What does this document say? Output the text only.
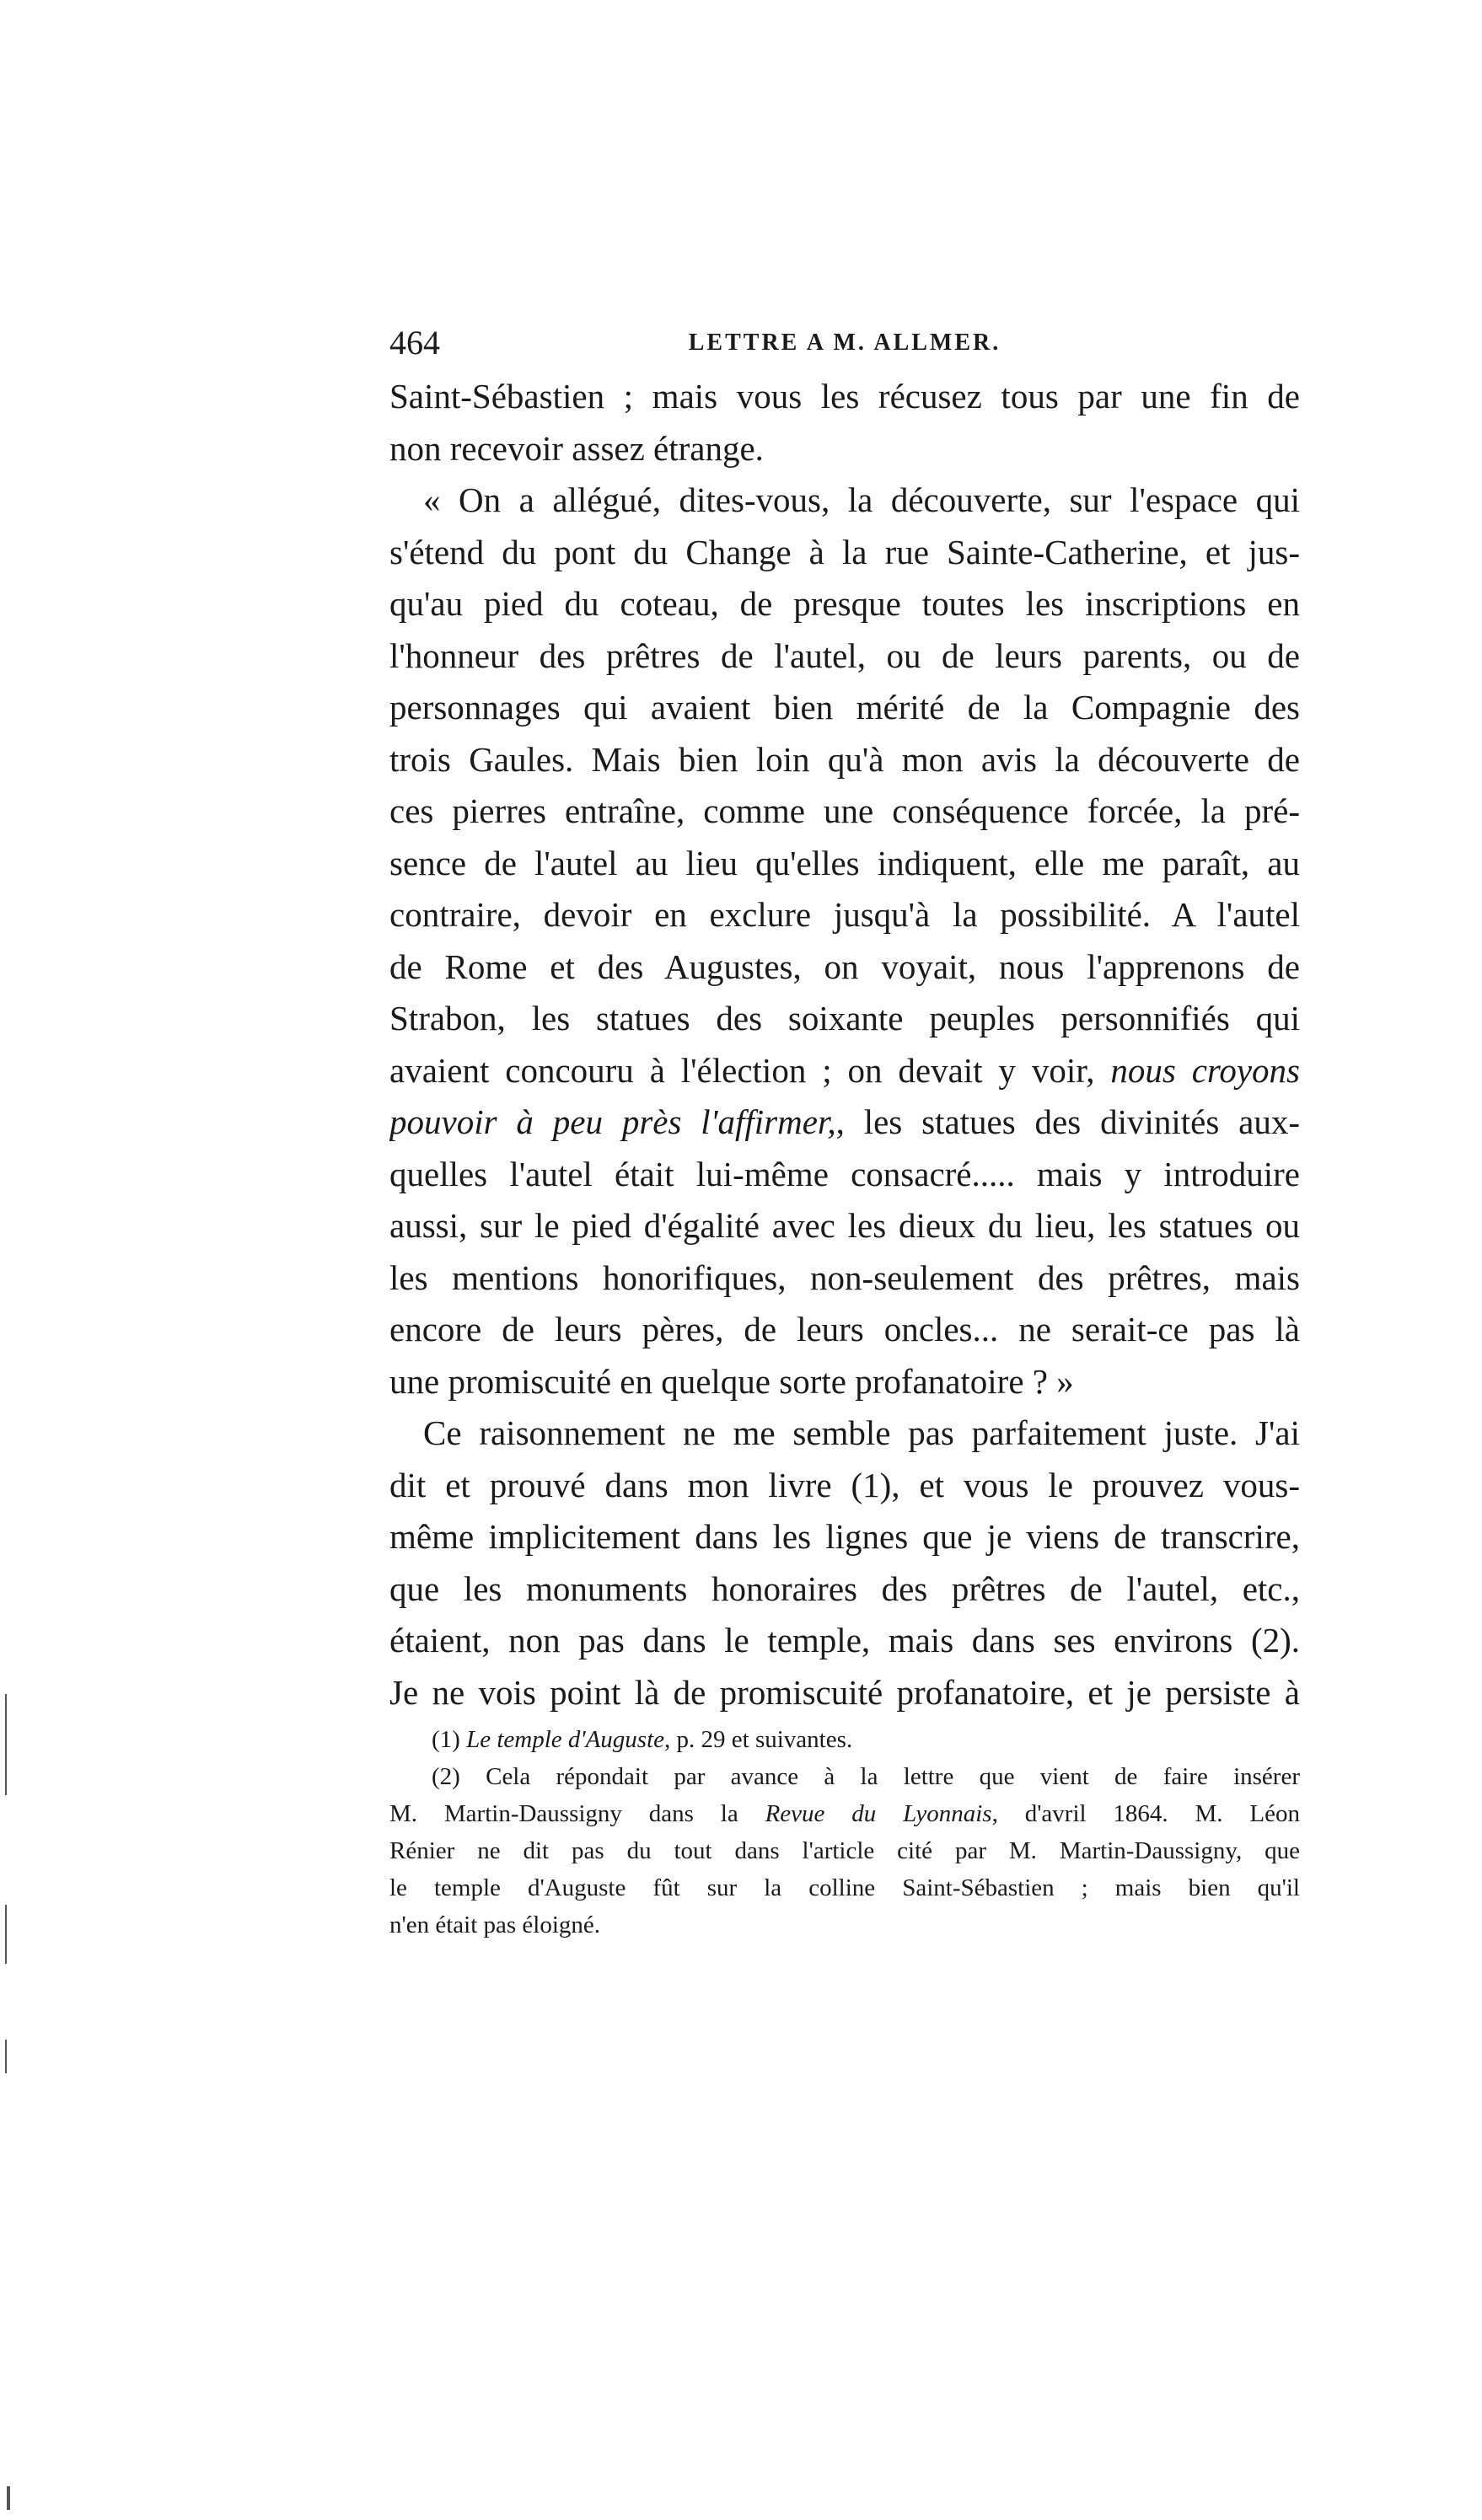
464	LETTRE A M. ALLMER.
Saint-Sébastien ; mais vous les récusez tous par une fin de
non recevoir assez étrange.
« On a allégué, dites-vous, la découverte, sur l'espace qui
s'étend du pont du Change à la rue Sainte-Catherine, et jus-
qu'au pied du coteau, de presque toutes les inscriptions en
l'honneur des prêtres de l'autel, ou de leurs parents, ou de
personnages qui avaient bien mérité de la Compagnie des
trois Gaules. Mais bien loin qu'à mon avis la découverte de
ces pierres entraîne, comme une conséquence forcée, la pré-
sence de l'autel au lieu qu'elles indiquent, elle me paraît, au
contraire, devoir en exclure jusqu'à la possibilité. A l'autel
de Rome et des Augustes, on voyait, nous l'apprenons de
Strabon, les statues des soixante peuples personnifiés qui
avaient concouru à l'élection ; on devait y voir, nous croyons
pouvoir à peu près l'affirmer,, les statues des divinités aux-
quelles l'autel était lui-même consacré..... mais y introduire
aussi, sur le pied d'égalité avec les dieux du lieu, les statues ou
les mentions honorifiques, non-seulement des prêtres, mais
encore de leurs pères, de leurs oncles... ne serait-ce pas là
une promiscuité en quelque sorte profanatoire ? »
Ce raisonnement ne me semble pas parfaitement juste. J'ai
dit et prouvé dans mon livre (1), et vous le prouvez vous-
même implicitement dans les lignes que je viens de transcrire,
que les monuments honoraires des prêtres de l'autel, etc.,
étaient, non pas dans le temple, mais dans ses environs (2).
Je ne vois point là de promiscuité profanatoire, et je persiste à
(1) Le temple d'Auguste, p. 29 et suivantes.
(2) Cela répondait par avance à la lettre que vient de faire insérer
M. Martin-Daussigny dans la Revue du Lyonnais, d'avril 1864. M. Léon
Rénier ne dit pas du tout dans l'article cité par M. Martin-Daussigny, que
le temple d'Auguste fût sur la colline Saint-Sébastien ; mais bien qu'il
n'en était pas éloigné.
